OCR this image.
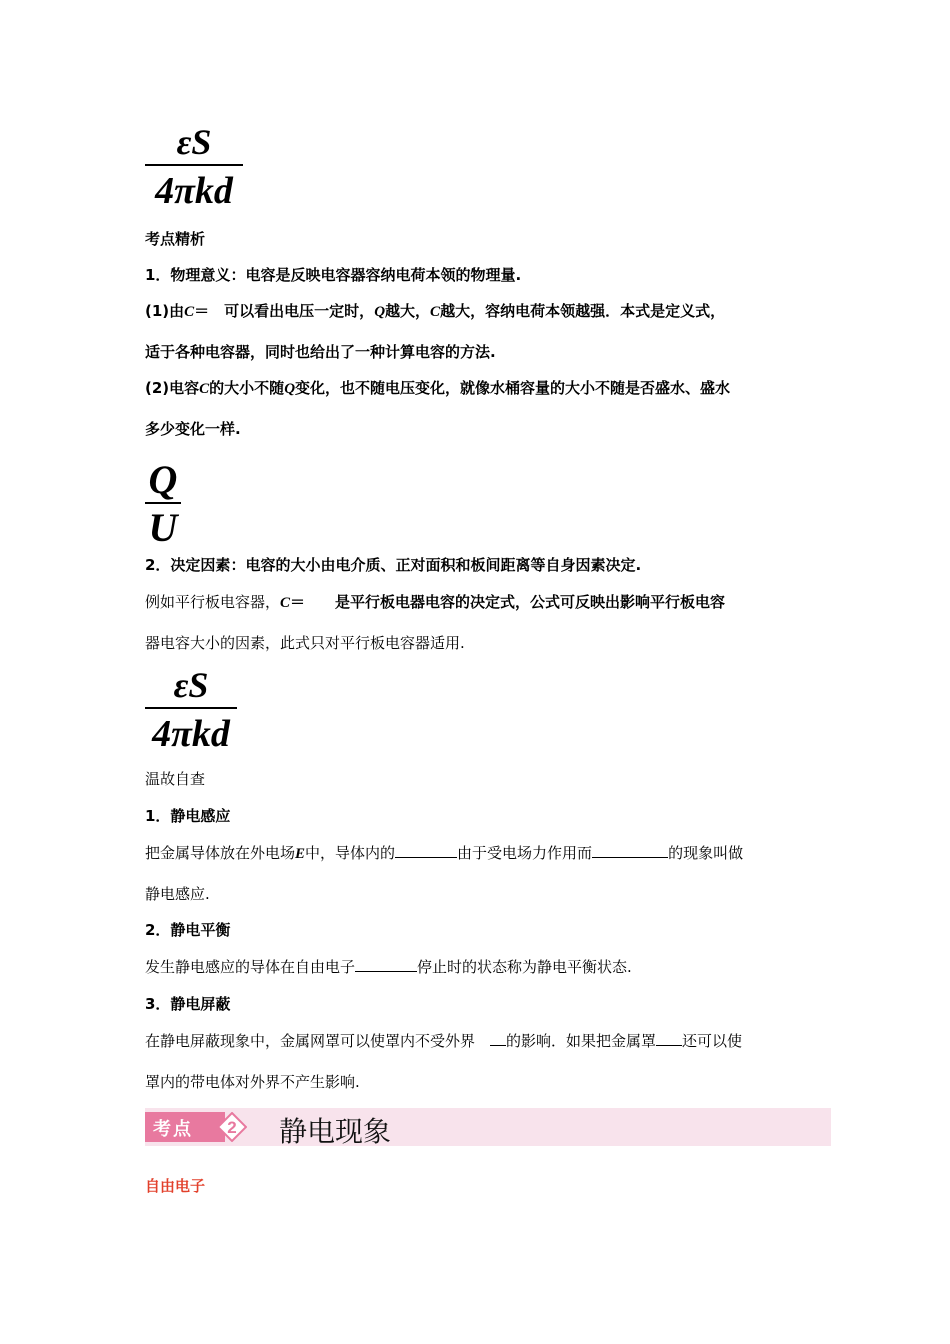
εS
4πkd
考点精析
1．物理意义：电容是反映电容器容纳电荷本领的物理量.
(1)由C＝　可以看出电压一定时，Q越大，C越大，容纳电荷本领越强．本式是定义式，
适于各种电容器，同时也给出了一种计算电容的方法.
(2)电容C的大小不随Q变化，也不随电压变化，就像水桶容量的大小不随是否盛水、盛水
多少变化一样.
Q
U
2．决定因素：电容的大小由电介质、正对面积和板间距离等自身因素决定.
例如平行板电容器，C＝　　是平行板电器电容的决定式，公式可反映出影响平行板电容
器电容大小的因素，此式只对平行板电容器适用.
εS
4πkd
温故自查
1．静电感应
把金属导体放在外电场E中，导体内的	由于受电场力作用而	的现象叫做
静电感应.
2．静电平衡
发生静电感应的导体在自由电子	停止时的状态称为静电平衡状态.
3．静电屏蔽
在静电屏蔽现象中，金属网罩可以使罩内不受外界　的影响．如果把金属罩 还可以使
罩内的带电体对外界不产生影响.
考点 2 静电现象
自由电子
